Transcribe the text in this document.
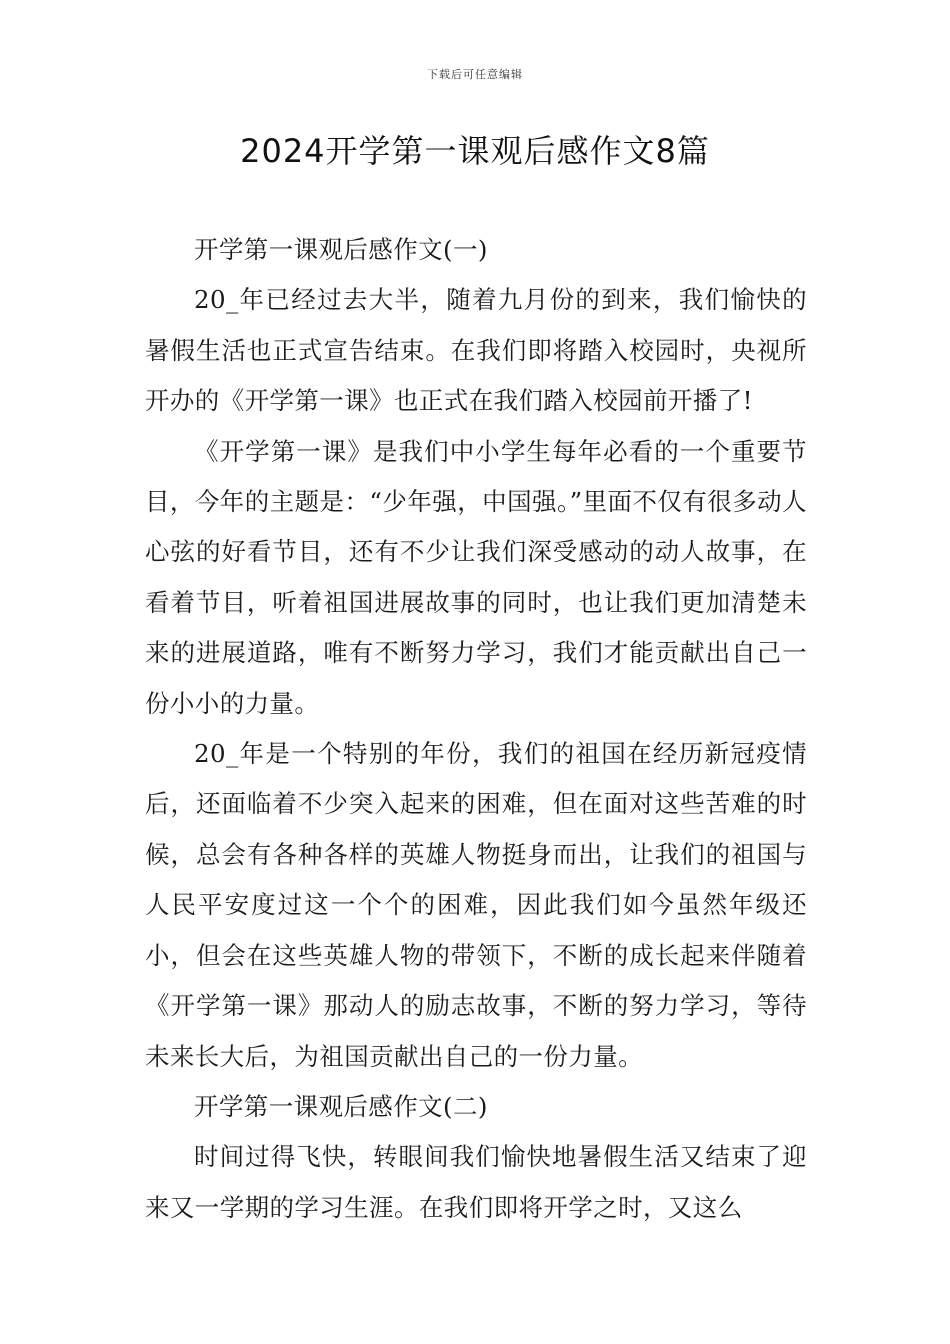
下载后可任意编辑
2024开学第一课观后感作文8篇

开学第一课观后感作文(一)

20_年已经过去大半，随着九月份的到来，我们愉快的暑假生活也正式宣告结束。在我们即将踏入校园时，央视所开办的《开学第一课》也正式在我们踏入校园前开播了!

《开学第一课》是我们中小学生每年必看的一个重要节目，今年的主题是：“少年强，中国强。”里面不仅有很多动人心弦的好看节目，还有不少让我们深受感动的动人故事，在看着节目，听着祖国进展故事的同时，也让我们更加清楚未来的进展道路，唯有不断努力学习，我们才能贡献出自己一份小小的力量。

20_年是一个特别的年份，我们的祖国在经历新冠疫情后，还面临着不少突入起来的困难，但在面对这些苦难的时候，总会有各种各样的英雄人物挺身而出，让我们的祖国与人民平安度过这一个个的困难，因此我们如今虽然年级还小，但会在这些英雄人物的带领下，不断的成长起来伴随着《开学第一课》那动人的励志故事，不断的努力学习，等待未来长大后，为祖国贡献出自己的一份力量。

开学第一课观后感作文(二)

时间过得飞快，转眼间我们愉快地暑假生活又结束了迎来又一学期的学习生涯。在我们即将开学之时，又这么
